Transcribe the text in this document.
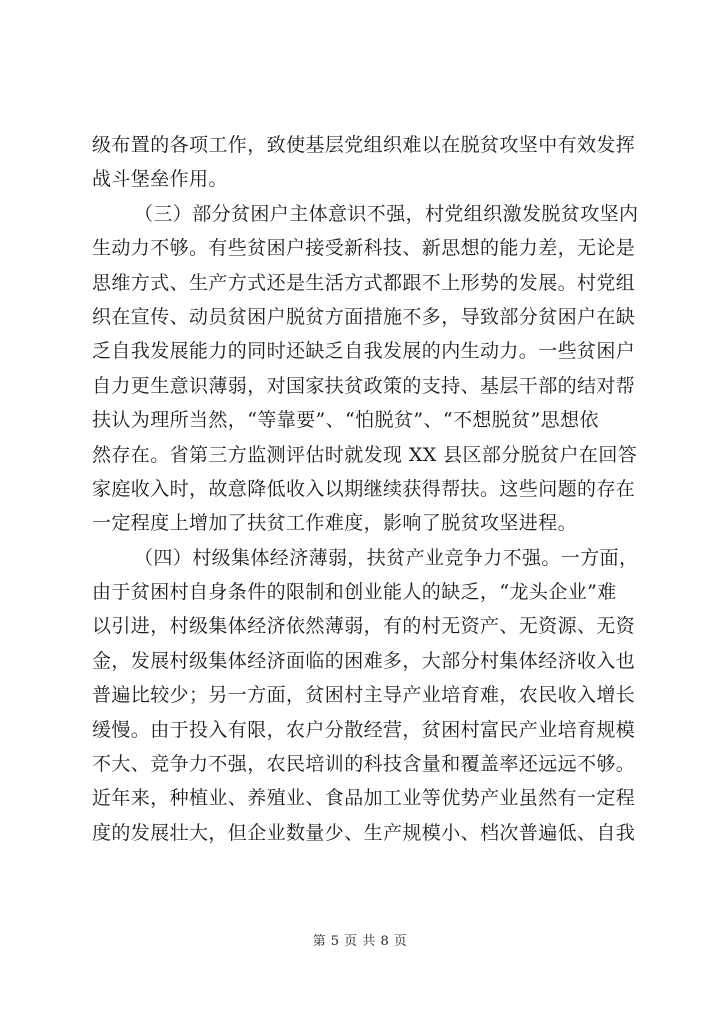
级布置的各项工作，致使基层党组织难以在脱贫攻坚中有效发挥
战斗堡垒作用。
（三）部分贫困户主体意识不强，村党组织激发脱贫攻坚内
生动力不够。有些贫困户接受新科技、新思想的能力差，无论是
思维方式、生产方式还是生活方式都跟不上形势的发展。村党组
织在宣传、动员贫困户脱贫方面措施不多，导致部分贫困户在缺
乏自我发展能力的同时还缺乏自我发展的内生动力。一些贫困户
自力更生意识薄弱，对国家扶贫政策的支持、基层干部的结对帮
扶认为理所当然，“等靠要”、“怕脱贫”、“不想脱贫”思想依
然存在。省第三方监测评估时就发现 XX 县区部分脱贫户在回答
家庭收入时，故意降低收入以期继续获得帮扶。这些问题的存在
一定程度上增加了扶贫工作难度，影响了脱贫攻坚进程。
（四）村级集体经济薄弱，扶贫产业竞争力不强。一方面，
由于贫困村自身条件的限制和创业能人的缺乏，“龙头企业”难
以引进，村级集体经济依然薄弱，有的村无资产、无资源、无资
金，发展村级集体经济面临的困难多，大部分村集体经济收入也
普遍比较少；另一方面，贫困村主导产业培育难，农民收入增长
缓慢。由于投入有限，农户分散经营，贫困村富民产业培育规模
不大、竞争力不强，农民培训的科技含量和覆盖率还远远不够。
近年来，种植业、养殖业、食品加工业等优势产业虽然有一定程
度的发展壮大，但企业数量少、生产规模小、档次普遍低、自我
第 5 页 共 8 页
